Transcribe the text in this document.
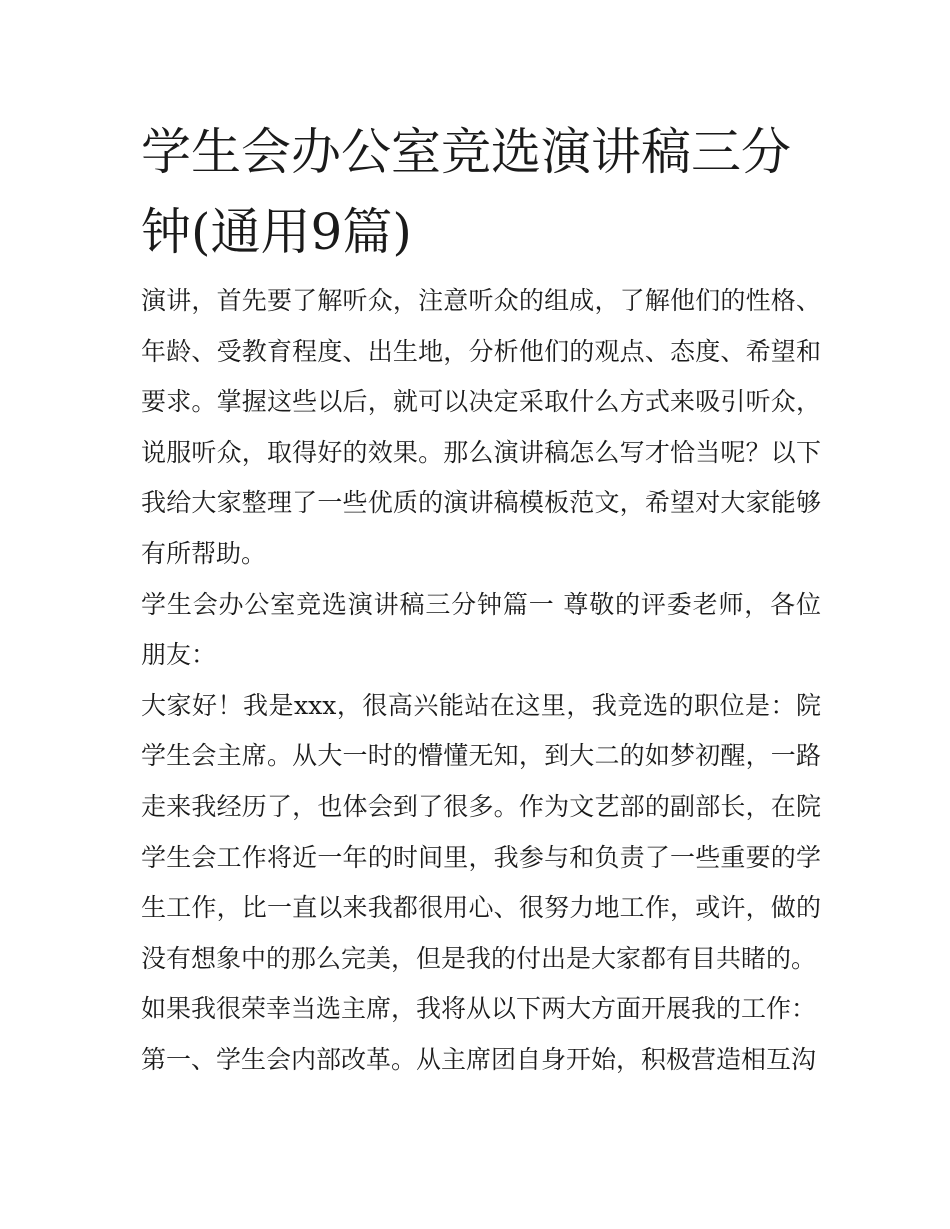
学生会办公室竞选演讲稿三分钟(通用9篇)

演讲，首先要了解听众，注意听众的组成，了解他们的性格、年龄、受教育程度、出生地，分析他们的观点、态度、希望和要求。掌握这些以后，就可以决定采取什么方式来吸引听众，说服听众，取得好的效果。那么演讲稿怎么写才恰当呢？以下我给大家整理了一些优质的演讲稿模板范文，希望对大家能够有所帮助。

学生会办公室竞选演讲稿三分钟篇一 尊敬的评委老师，各位朋友：

大家好！我是xxx，很高兴能站在这里，我竞选的职位是：院学生会主席。从大一时的懵懂无知，到大二的如梦初醒，一路走来我经历了，也体会到了很多。作为文艺部的副部长，在院学生会工作将近一年的时间里，我参与和负责了一些重要的学生工作，比一直以来我都很用心、很努力地工作，或许，做的没有想象中的那么完美，但是我的付出是大家都有目共睹的。

如果我很荣幸当选主席，我将从以下两大方面开展我的工作：

第一、学生会内部改革。从主席团自身开始，积极营造相互沟
